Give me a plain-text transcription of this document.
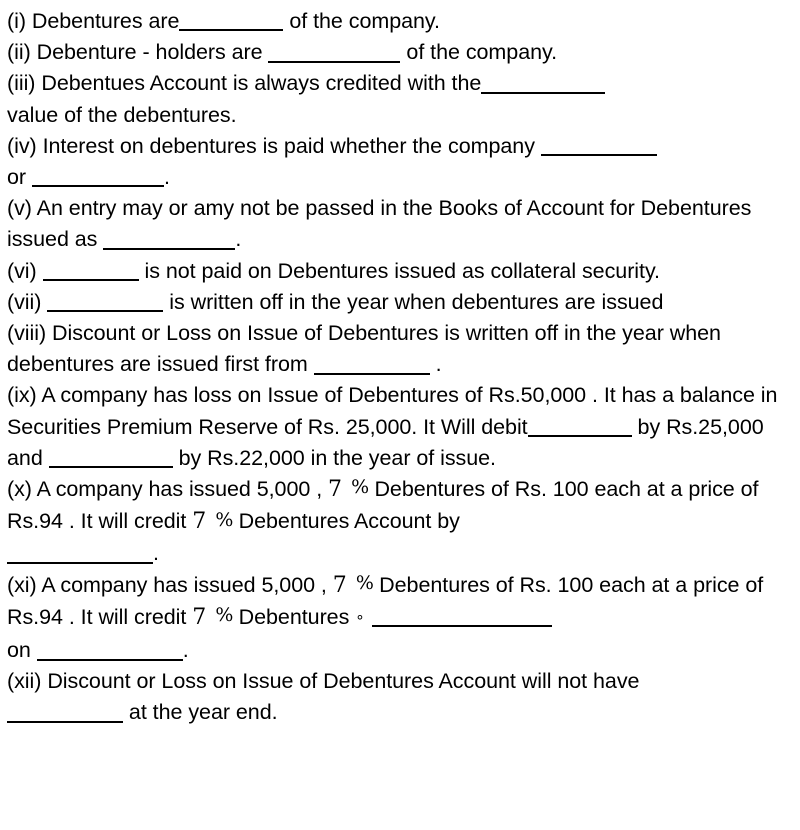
(i) Debentures are	of the company.
(ii) Debenture - holders are	of the company.
(iii) Debentues Account is always credited with the
value of the debentures.
(iv) Interest on debentures is paid whether the company
or	.
(v) An entry may or amy not be passed in the Books of Account for Debentures issued as	.
(vi)	is not paid on Debentures issued as collateral security.
(vii)	is written off in the year when debentures are issued
(viii) Discount or Loss on Issue of Debentures is written off in the year when debentures are issued first from	.
(ix) A company has loss on Issue of Debentures of Rs.50,000 . It has a balance in Securities Premium Reserve of Rs. 25,000. It Will debit	by Rs.25,000 and	by Rs.22,000 in the year of issue.
(x) A company has issued 5,000 , 7 % Debentures of Rs. 100 each at a price of Rs.94 . It will credit 7 % Debentures Account by
.
(xi) A company has issued 5,000 , 7 % Debentures of Rs. 100 each at a price of Rs.94 . It will credit 7 % Debentures ∘
on	.
(xii) Discount or Loss on Issue of Debentures Account will not have
at the year end.
